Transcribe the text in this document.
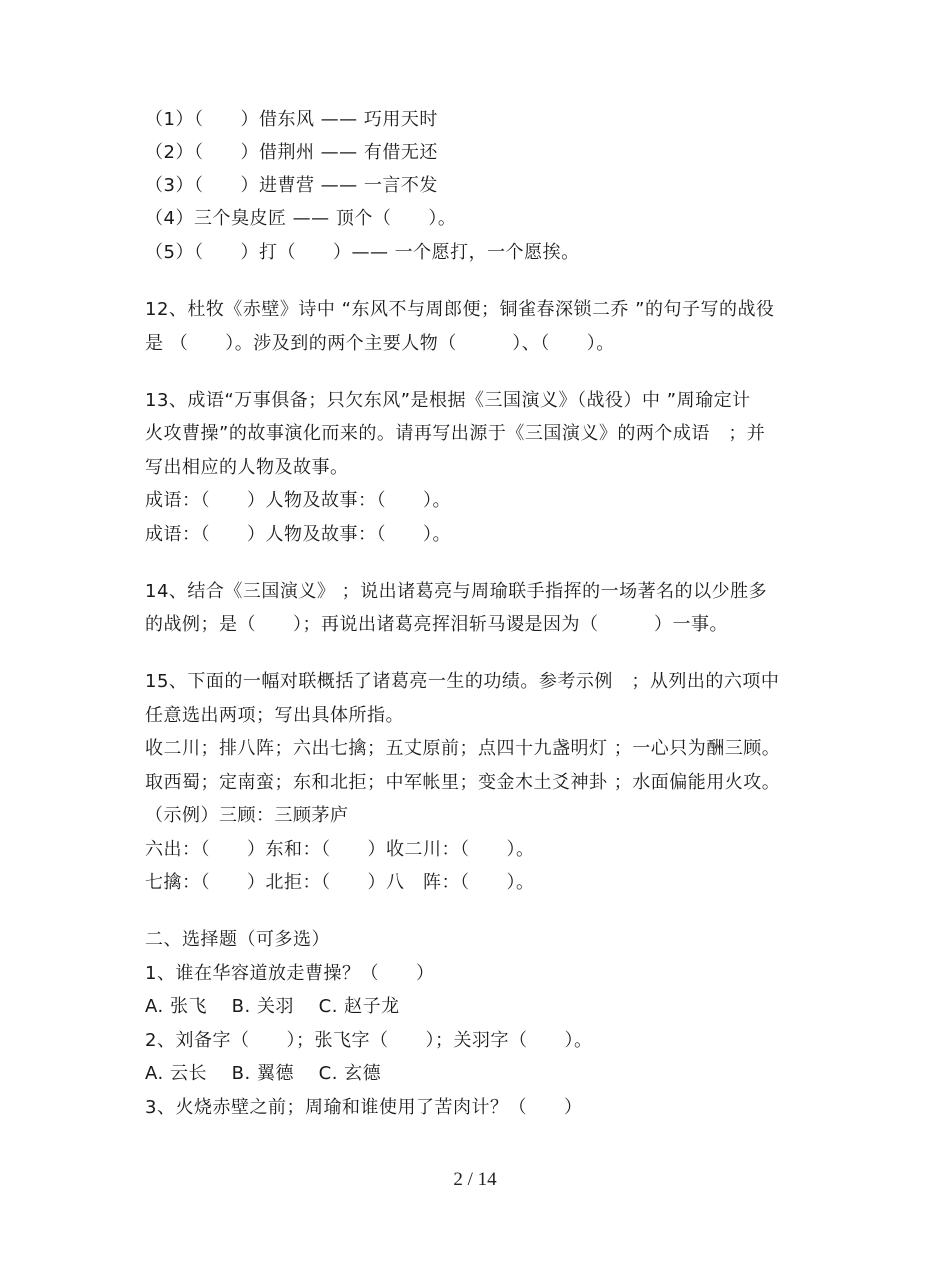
（1）（　　）借东风 —— 巧用天时
（2）（　　）借荆州 —— 有借无还
（3）（　　）进曹营 —— 一言不发
（4）三个臭皮匠 —— 顶个（　　）。
（5）（　　）打（　　）—— 一个愿打，一个愿挨。
12、杜牧《赤壁》诗中 “东风不与周郎便；铜雀春深锁二乔 ”的句子写的战役
是 （　　）。涉及到的两个主要人物（　　　）、（　　）。
13、成语“万事俱备；只欠东风”是根据《三国演义》（战役）中 ”周瑜定计
火攻曹操”的故事演化而来的。请再写出源于《三国演义》的两个成语　；并
写出相应的人物及故事。
成语：（　　）人物及故事：（　　）。
成语：（　　）人物及故事：（　　）。
14、结合《三国演义》 ；说出诸葛亮与周瑜联手指挥的一场著名的以少胜多
的战例；是（　　）；再说出诸葛亮挥泪斩马谡是因为（　　　）一事。
15、下面的一幅对联概括了诸葛亮一生的功绩。参考示例　；从列出的六项中
任意选出两项；写出具体所指。
收二川；排八阵；六出七擒；五丈原前；点四十九盏明灯 ；一心只为酬三顾。
取西蜀；定南蛮；东和北拒；中军帐里；变金木土爻神卦 ；水面偏能用火攻。
（示例）三顾：三顾茅庐
六出：（　　）东和：（　　）收二川：（　　）。
七擒：（　　）北拒：（　　）八　阵：（　　）。
二、选择题（可多选）
1、谁在华容道放走曹操？（　　）
A. 张飞　 B. 关羽　 C. 赵子龙
2、刘备字（　　）；张飞字（　　）；关羽字（　　）。
A. 云长　 B. 翼德　 C. 玄德
3、火烧赤壁之前；周瑜和谁使用了苦肉计？（　　）
2 / 14
